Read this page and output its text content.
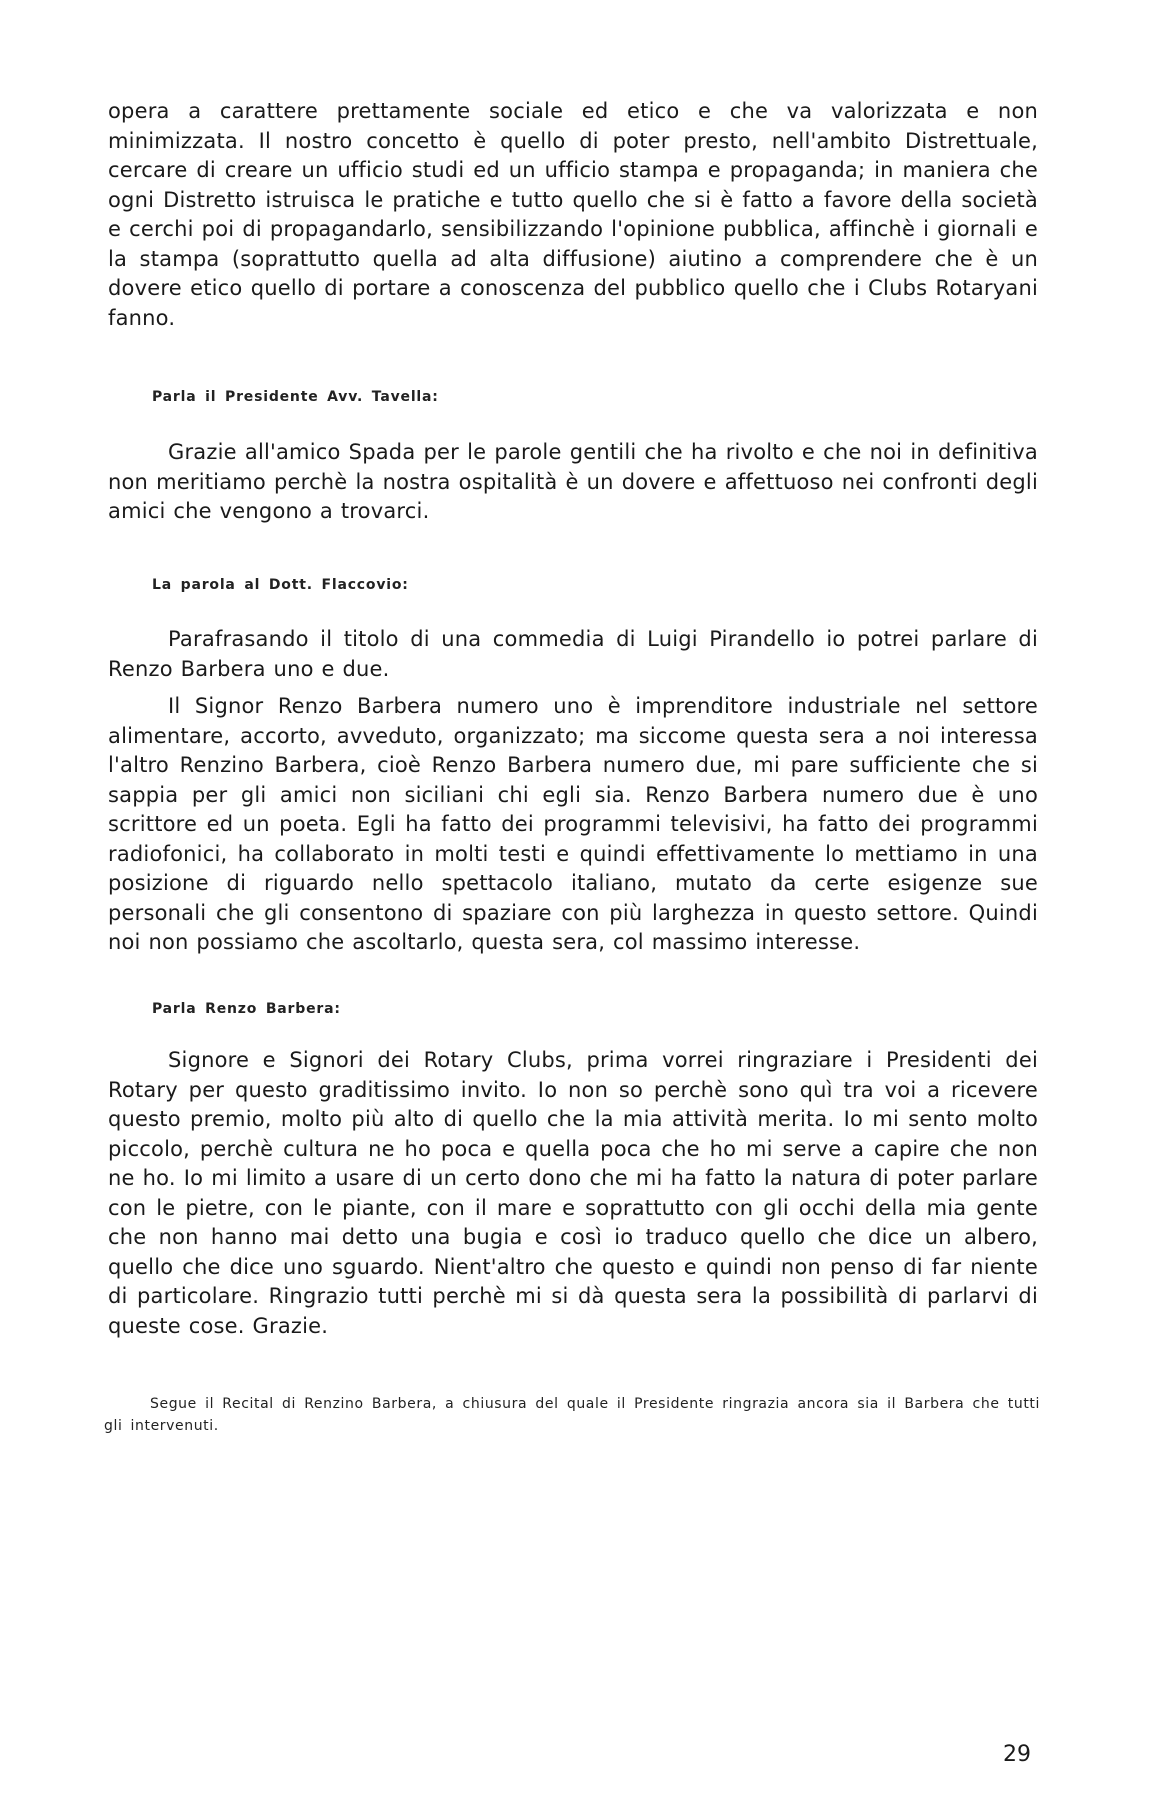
opera a carattere prettamente sociale ed etico e che va valorizzata e non minimizzata. Il nostro concetto è quello di poter presto, nell'ambito Distrettuale, cercare di creare un ufficio studi ed un ufficio stampa e propaganda; in maniera che ogni Distretto istruisca le pratiche e tutto quello che si è fatto a favore della società e cerchi poi di propagandarlo, sensibilizzando l'opinione pubblica, affinchè i giornali e la stampa (soprattutto quella ad alta diffusione) aiutino a comprendere che è un dovere etico quello di portare a conoscenza del pubblico quello che i Clubs Rotaryani fanno.

Parla il Presidente Avv. Tavella:

Grazie all'amico Spada per le parole gentili che ha rivolto e che noi in definitiva non meritiamo perchè la nostra ospitalità è un dovere e affettuoso nei confronti degli amici che vengono a trovarci.

La parola al Dott. Flaccovio:

Parafrasando il titolo di una commedia di Luigi Pirandello io potrei parlare di Renzo Barbera uno e due.

Il Signor Renzo Barbera numero uno è imprenditore industriale nel settore alimentare, accorto, avveduto, organizzato; ma siccome questa sera a noi interessa l'altro Renzino Barbera, cioè Renzo Barbera numero due, mi pare sufficiente che si sappia per gli amici non siciliani chi egli sia. Renzo Barbera numero due è uno scrittore ed un poeta. Egli ha fatto dei programmi televisivi, ha fatto dei programmi radiofonici, ha collaborato in molti testi e quindi effettivamente lo mettiamo in una posizione di riguardo nello spettacolo italiano, mutato da certe esigenze sue personali che gli consentono di spaziare con più larghezza in questo settore. Quindi noi non possiamo che ascoltarlo, questa sera, col massimo interesse.

Parla Renzo Barbera:

Signore e Signori dei Rotary Clubs, prima vorrei ringraziare i Presidenti dei Rotary per questo graditissimo invito. Io non so perchè sono quì tra voi a ricevere questo premio, molto più alto di quello che la mia attività merita. Io mi sento molto piccolo, perchè cultura ne ho poca e quella poca che ho mi serve a capire che non ne ho. Io mi limito a usare di un certo dono che mi ha fatto la natura di poter parlare con le pietre, con le piante, con il mare e soprattutto con gli occhi della mia gente che non hanno mai detto una bugia e così io traduco quello che dice un albero, quello che dice uno sguardo. Nient'altro che questo e quindi non penso di far niente di particolare. Ringrazio tutti perchè mi si dà questa sera la possibilità di parlarvi di queste cose. Grazie.

Segue il Recital di Renzino Barbera, a chiusura del quale il Presidente ringrazia ancora sia il Barbera che tutti gli intervenuti.

29
